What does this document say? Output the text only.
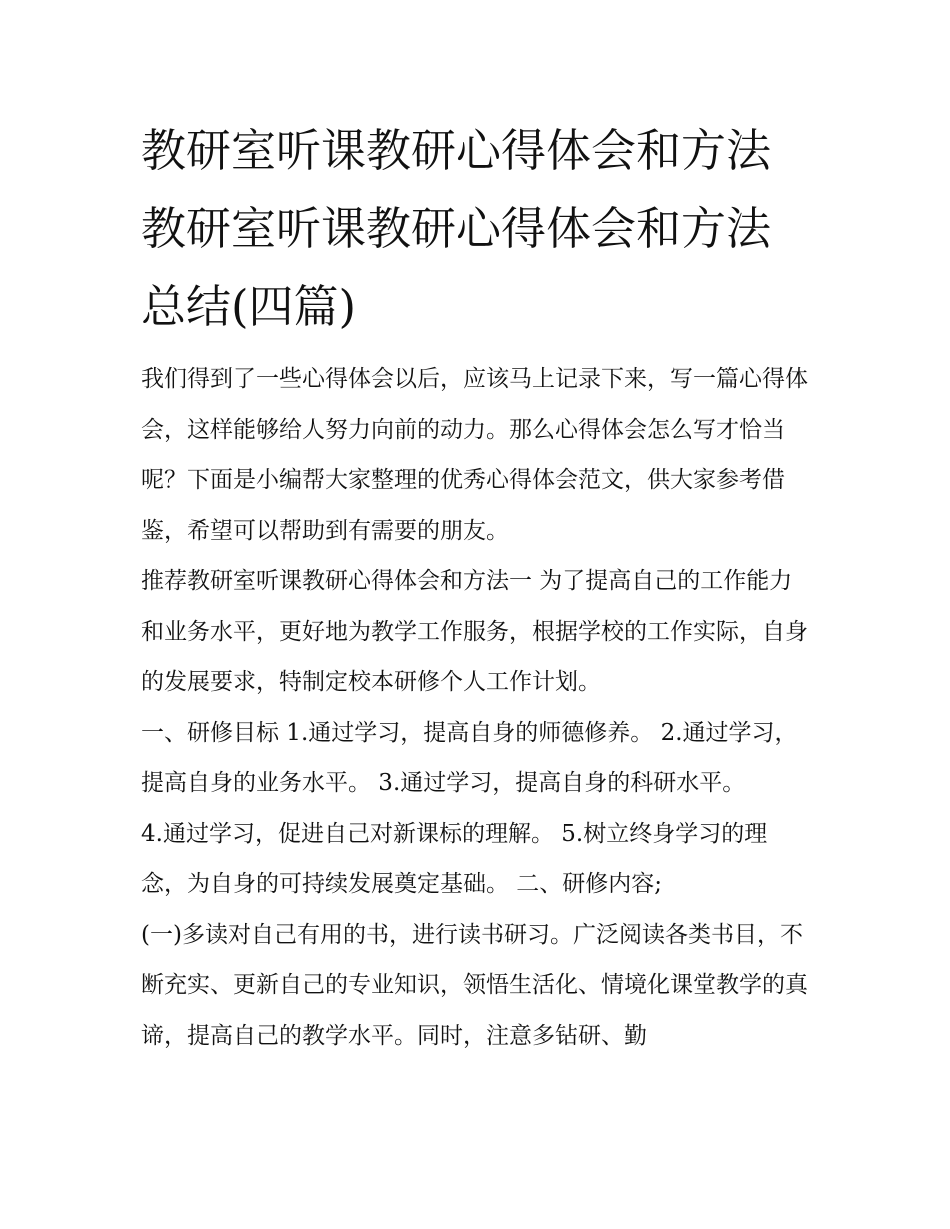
教研室听课教研心得体会和方法 教研室听课教研心得体会和方法总结(四篇)

我们得到了一些心得体会以后，应该马上记录下来，写一篇心得体会，这样能够给人努力向前的动力。那么心得体会怎么写才恰当呢？下面是小编帮大家整理的优秀心得体会范文，供大家参考借鉴，希望可以帮助到有需要的朋友。

推荐教研室听课教研心得体会和方法一 为了提高自己的工作能力和业务水平，更好地为教学工作服务，根据学校的工作实际，自身的发展要求，特制定校本研修个人工作计划。

一、研修目标 1.通过学习，提高自身的师德修养。 2.通过学习，提高自身的业务水平。 3.通过学习，提高自身的科研水平。

4.通过学习，促进自己对新课标的理解。 5.树立终身学习的理念，为自身的可持续发展奠定基础。 二、研修内容;

(一)多读对自己有用的书，进行读书研习。广泛阅读各类书目，不断充实、更新自己的专业知识，领悟生活化、情境化课堂教学的真谛，提高自己的教学水平。同时，注意多钻研、勤
